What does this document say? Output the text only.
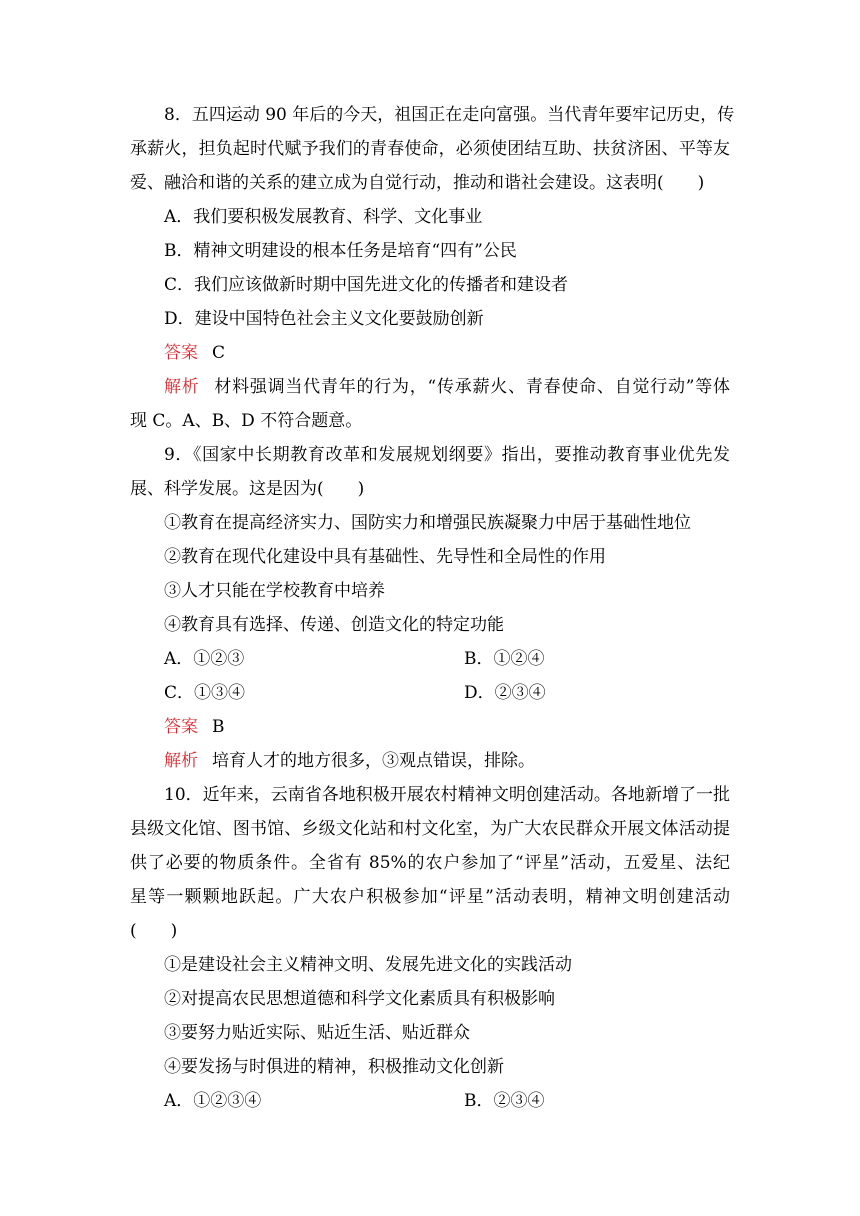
8．五四运动 90 年后的今天，祖国正在走向富强。当代青年要牢记历史，传
承薪火，担负起时代赋予我们的青春使命，必须使团结互助、扶贫济困、平等友
爱、融洽和谐的关系的建立成为自觉行动，推动和谐社会建设。这表明(　　)
A．我们要积极发展教育、科学、文化事业
B．精神文明建设的根本任务是培育“四有”公民
C．我们应该做新时期中国先进文化的传播者和建设者
D．建设中国特色社会主义文化要鼓励创新
答案 C
解析 材料强调当代青年的行为，“传承薪火、青春使命、自觉行动”等体
现 C。A、B、D 不符合题意。
9．《国家中长期教育改革和发展规划纲要》指出，要推动教育事业优先发
展、科学发展。这是因为(　　)
①教育在提高经济实力、国防实力和增强民族凝聚力中居于基础性地位
②教育在现代化建设中具有基础性、先导性和全局性的作用
③人才只能在学校教育中培养
④教育具有选择、传递、创造文化的特定功能
A．①②③	B．①②④
C．①③④	D．②③④
答案 B
解析 培育人才的地方很多，③观点错误，排除。
10．近年来，云南省各地积极开展农村精神文明创建活动。各地新增了一批
县级文化馆、图书馆、乡级文化站和村文化室，为广大农民群众开展文体活动提
供了必要的物质条件。全省有 85%的农户参加了“评星”活动，五爱星、法纪
星等一颗颗地跃起。广大农户积极参加“评星”活动表明，精神文明创建活动
(　　)
①是建设社会主义精神文明、发展先进文化的实践活动
②对提高农民思想道德和科学文化素质具有积极影响
③要努力贴近实际、贴近生活、贴近群众
④要发扬与时俱进的精神，积极推动文化创新
A．①②③④	B．②③④
